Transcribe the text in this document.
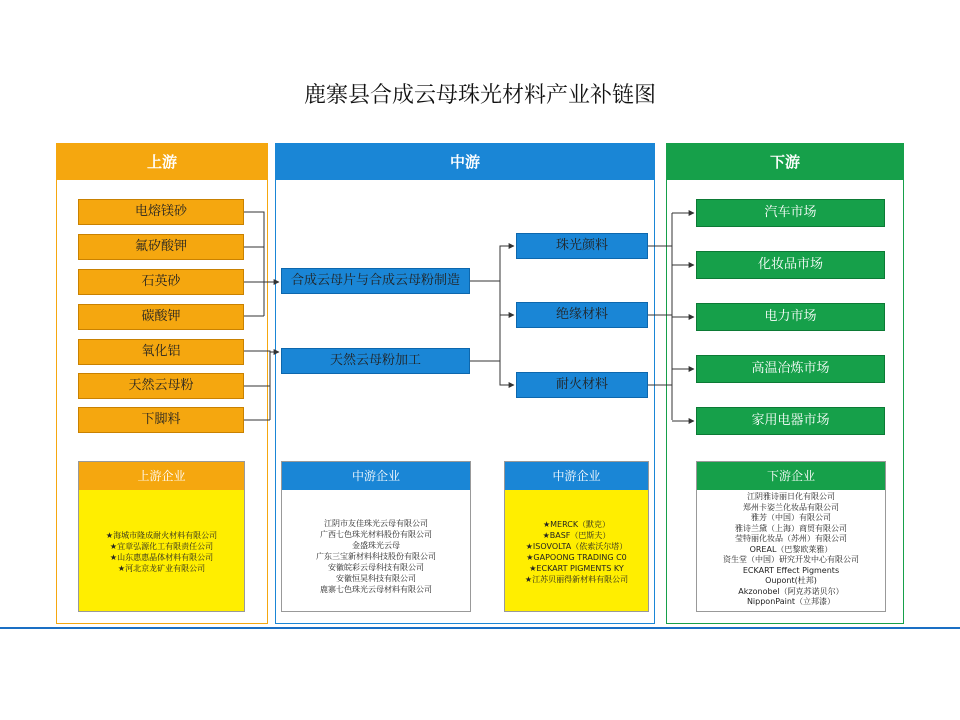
鹿寨县合成云母珠光材料产业补链图
上游
电熔镁砂
氟矽酸钾
石英砂
碳酸钾
氧化铝
天然云母粉
下脚料
上游企业
★海城市隆成耐火材料有限公司
★宜章弘源化工有限责任公司
★山东惠惠晶体材料有限公司
★河北京龙矿业有限公司
中游
合成云母片与合成云母粉制造
天然云母粉加工
珠光颜料
绝缘材料
耐火材料
中游企业
江阴市友佳珠光云母有限公司
广西七色珠光材料股份有限公司
金盛珠光云母
广东三宝新材料科技股份有限公司
安徽皖彩云母科技有限公司
安徽恒昊科技有限公司
鹿寨七色珠光云母材料有限公司
中游企业
★MERCK（默克）
★BASF（巴斯夫）
★ISOVOLTA（依索沃尔塔）
★GAPOONG TRADING C0
★ECKART PIGMENTS KY
★江苏贝丽得新材料有限公司
下游
汽车市场
化妆品市场
电力市场
高温冶炼市场
家用电器市场
下游企业
江阴雅诗丽日化有限公司
郑州卡姿兰化妆品有限公司
雅芳（中国）有限公司
雅诗兰黛（上海）商贸有限公司
莹特丽化妆品（苏州）有限公司
OREAL（巴黎欧莱雅）
资生堂（中国）研究开发中心有限公司
ECKART Effect Pigments
Oupont(杜邦)
Akzonobel（阿克苏诺贝尔）
NipponPaint（立邦漆）
